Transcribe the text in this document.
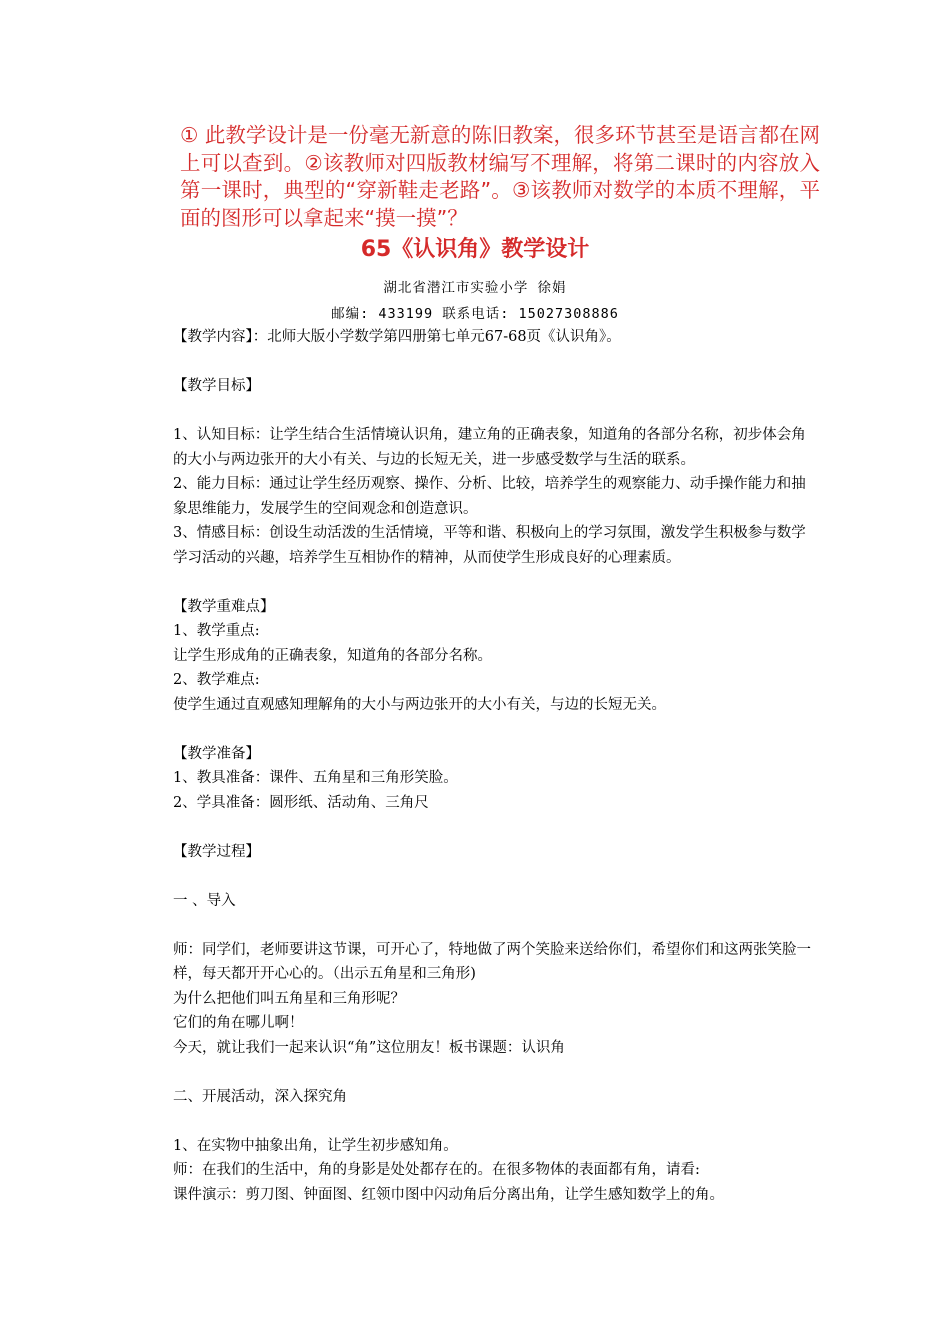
① 此教学设计是一份毫无新意的陈旧教案，很多环节甚至是语言都在网上可以查到。②该教师对四版教材编写不理解，将第二课时的内容放入第一课时，典型的“穿新鞋走老路”。③该教师对数学的本质不理解，平面的图形可以拿起来“摸一摸”？

65《认识角》教学设计

湖北省潜江市实验小学 徐娟

邮编: 433199 联系电话: 15027308886

【教学内容】：北师大版小学数学第四册第七单元67-68页《认识角》。

【教学目标】

1、认知目标：让学生结合生活情境认识角，建立角的正确表象，知道角的各部分名称，初步体会角的大小与两边张开的大小有关、与边的长短无关，进一步感受数学与生活的联系。

2、能力目标：通过让学生经历观察、操作、分析、比较，培养学生的观察能力、动手操作能力和抽象思维能力，发展学生的空间观念和创造意识。

3、情感目标：创设生动活泼的生活情境，平等和谐、积极向上的学习氛围，激发学生积极参与数学学习活动的兴趣，培养学生互相协作的精神，从而使学生形成良好的心理素质。

【教学重难点】

1、教学重点:

让学生形成角的正确表象，知道角的各部分名称。

2、教学难点:

使学生通过直观感知理解角的大小与两边张开的大小有关，与边的长短无关。

【教学准备】

1、教具准备：课件、五角星和三角形笑脸。

2、学具准备：圆形纸、活动角、三角尺

【教学过程】

一 、导入

师：同学们，老师要讲这节课，可开心了，特地做了两个笑脸来送给你们，希望你们和这两张笑脸一样，每天都开开心心的。（出示五角星和三角形)

为什么把他们叫五角星和三角形呢？

它们的角在哪儿啊！

今天，就让我们一起来认识“角”这位朋友！板书课题：认识角

二、开展活动，深入探究角

1、在实物中抽象出角，让学生初步感知角。

师：在我们的生活中，角的身影是处处都存在的。在很多物体的表面都有角，请看:

课件演示：剪刀图、钟面图、红领巾图中闪动角后分离出角，让学生感知数学上的角。
